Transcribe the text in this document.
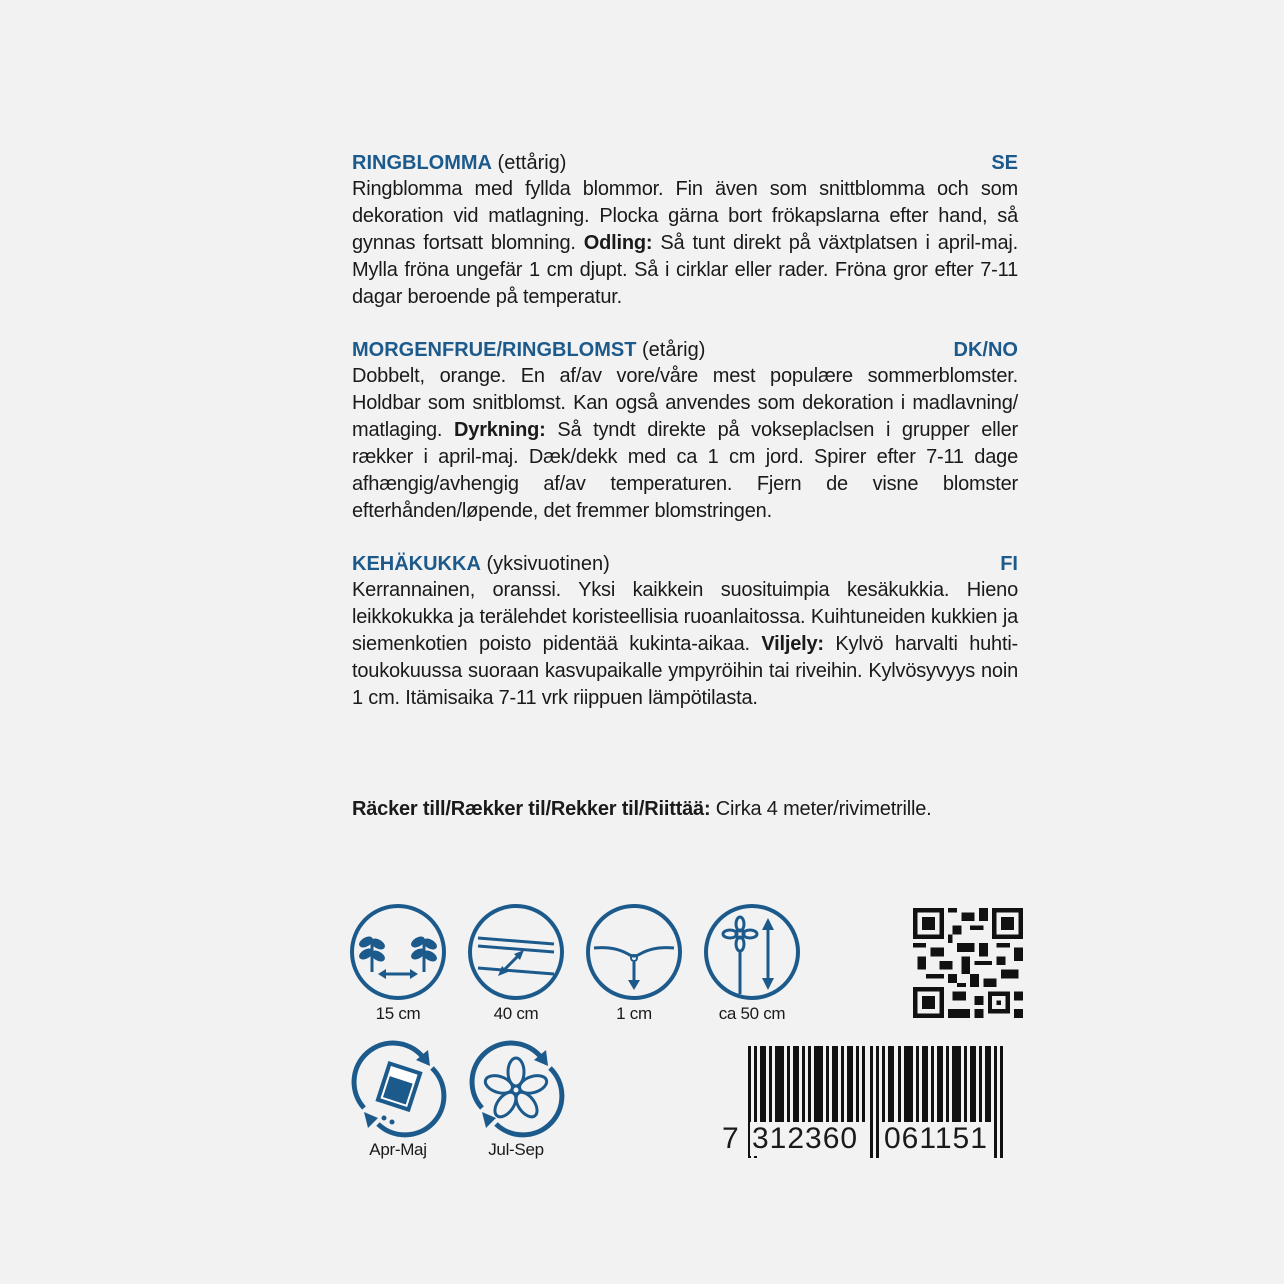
RINGBLOMMA (ettårig)	SE
Ringblomma med fyllda blommor. Fin även som snittblomma och som dekoration vid matlagning. Plocka gärna bort frökapslarna efter hand, så gynnas fortsatt blomning. Odling: Så tunt direkt på växtplatsen i april-maj. Mylla fröna ungefär 1 cm djupt. Så i cirklar eller rader. Fröna gror efter 7-11 dagar beroende på temperatur.
MORGENFRUE/RINGBLOMST (etårig)	DK/NO
Dobbelt, orange. En af/av vore/våre mest populære sommerblomster. Holdbar som snitblomst. Kan også anvendes som dekoration i madlavning/ matlaging. Dyrkning: Så tyndt direkte på vokseplaclsen i grupper eller rækker i april-maj. Dæk/dekk med ca 1 cm jord. Spirer efter 7-11 dage afhængig/avhengig af/av temperaturen. Fjern de visne blomster efterhånden/løpende, det fremmer blomstringen.
KEHÄKUKKA (yksivuotinen)	FI
Kerrannainen, oranssi. Yksi kaikkein suosituimpia kesäkukkia. Hieno leikkokukka ja terälehdet koristeellisia ruoanlaitossa. Kuihtuneiden kukkien ja siemenkotien poisto pidentää kukinta-aikaa. Viljely: Kylvö harvalti huhti-toukokuussa suoraan kasvupaikalle ympyröihin tai riveihin. Kylvösyvyys noin 1 cm. Itämisaika 7-11 vrk riippuen lämpötilasta.
Räcker till/Rækker til/Rekker til/Riittää: Cirka 4 meter/rivimetrille.
15 cm	40 cm	1 cm	ca 50 cm
Apr-Maj	Jul-Sep	7 312360 061151
